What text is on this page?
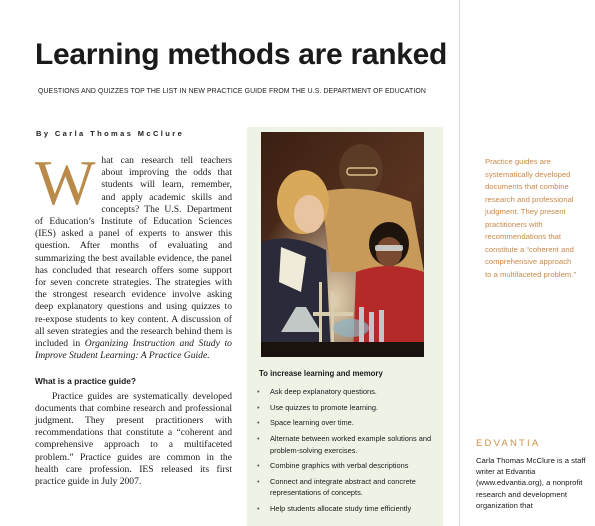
Learning methods are ranked
QUESTIONS AND QUIZZES TOP THE LIST IN NEW PRACTICE GUIDE FROM THE U.S. DEPARTMENT OF EDUCATION
By Carla Thomas McClure

What can research tell teachers about improving the odds that students will learn, remember, and apply academic skills and concepts? The U.S. Department of Education’s Institute of Education Sciences (IES) asked a panel of experts to answer this question. After months of evaluating and summarizing the best available evidence, the panel has concluded that research offers some support for seven concrete strategies. The strategies with the strongest research evidence involve asking deep explanatory questions and using quizzes to re-expose students to key content. A discussion of all seven strategies and the research behind them is included in Organizing Instruction and Study to Improve Student Learning: A Practice Guide.

What is a practice guide?

Practice guides are systematically developed documents that combine research and professional judgment. They present practitioners with recommendations that constitute a “coherent and comprehensive approach to a multifaceted problem.” Practice guides are common in the health care profession. IES released its first practice guide in July 2007.

To increase learning and memory
• Ask deep explanatory questions.
• Use quizzes to promote learning.
• Space learning over time.
• Alternate between worked example solutions and problem-solving exercises.
• Combine graphics with verbal descriptions
• Connect and integrate abstract and concrete representations of concepts.
• Help students allocate study time efficiently
Practice guides are systematically developed documents that combine research and professional judgment. They present practitioners with recommendations that constitute a “coherent and comprehensive approach to a multifaceted problem.”
EDVANTIA
Carla Thomas McClure is a staff writer at Edvantia (www.edvantia.org), a nonprofit research and development organization that
